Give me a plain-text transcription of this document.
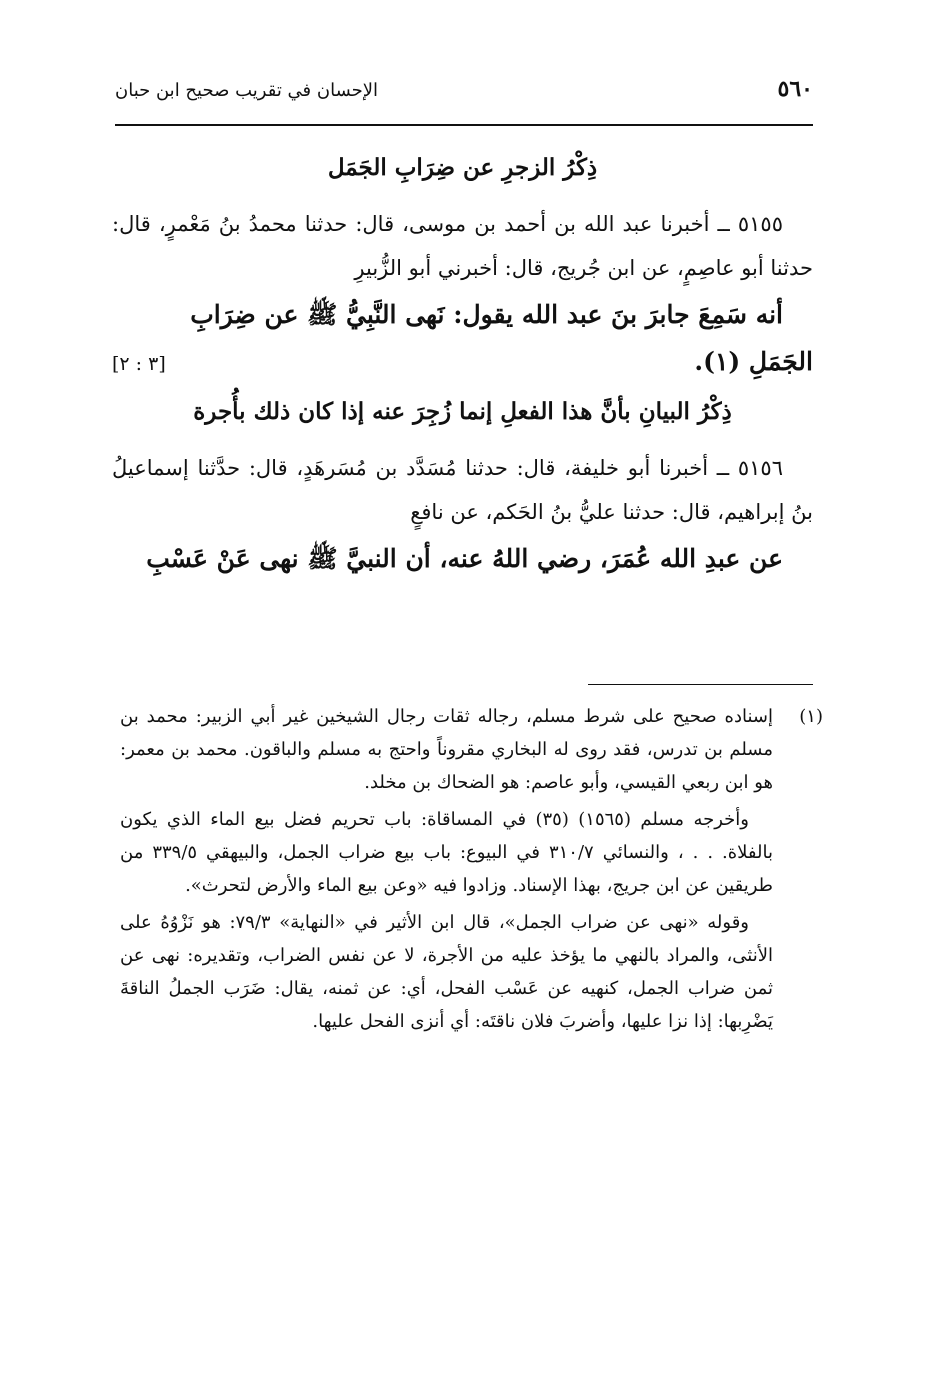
٥٦٠
الإحسان في تقريب صحيح ابن حبان
ذِكْرُ الزجرِ عن ضِرَابِ الجَمَل

٥١٥٥ ــ أخبرنا عبد الله بن أحمد بن موسى، قال: حدثنا محمدُ بنُ مَعْمرٍ، قال: حدثنا أبو عاصِمٍ، عن ابن جُريج، قال: أخبرني أبو الزُّبيرِ

أنه سَمِعَ جابرَ بنَ عبد الله يقول: نَهى النَّبِيُّ ﷺ عن ضِرَابِ

الجَمَلِ (١).
[٣ : ٢]
ذِكْرُ البيانِ بأنَّ هذا الفعلِ إنما زُجِرَ عنه إذا كان ذلك بأُجرة

٥١٥٦ ــ أخبرنا أبو خليفة، قال: حدثنا مُسَدَّد بن مُسَرهَدٍ، قال: حدَّثنا إسماعيلُ بنُ إبراهيم، قال: حدثنا عليُّ بنُ الحَكم، عن نافعٍ

عن عبدِ الله عُمَرَ، رضي اللهُ عنه، أن النبيَّ ﷺ نهى عَنْ عَسْبِ

(١)

إسناده صحيح على شرط مسلم، رجاله ثقات رجال الشيخين غير أبي الزبير: محمد بن مسلم بن تدرس، فقد روى له البخاري مقروناً واحتج به مسلم والباقون. محمد بن معمر: هو ابن ربعي القيسي، وأبو عاصم: هو الضحاك بن مخلد.

وأخرجه مسلم (١٥٦٥) (٣٥) في المساقاة: باب تحريم فضل بيع الماء الذي يكون بالفلاة. . . ، والنسائي ٣١٠/٧ في البيوع: باب بيع ضراب الجمل، والبيهقي ٣٣٩/٥ من طريقين عن ابن جريج، بهذا الإسناد. وزادوا فيه «وعن بيع الماء والأرض لتحرث».

وقوله «نهى عن ضراب الجمل»، قال ابن الأثير في «النهاية» ٧٩/٣: هو نَزْوُهُ على الأنثى، والمراد بالنهي ما يؤخذ عليه من الأجرة، لا عن نفس الضراب، وتقديره: نهى عن ثمن ضراب الجمل، كنهيه عن عَسْب الفحل، أي: عن ثمنه، يقال: ضَرَب الجملُ الناقةَ يَضْرِبها: إذا نزا عليها، وأضربَ فلان ناقتَه: أي أنزى الفحل عليها.
